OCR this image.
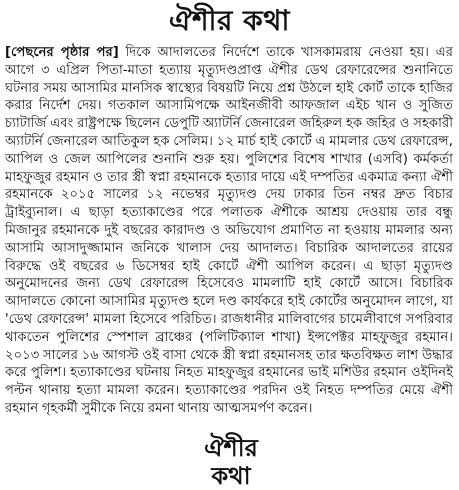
ঐশীর কথা
[পেছনের পৃষ্ঠার পর] দিকে আদালতের নির্দেশে তাকে খাসকামরায় নেওয়া হয়। এর আগে ৩ এপ্রিল পিতা-মাতা হত্যায় মৃত্যুদণ্ডপ্রাপ্ত ঐশীর ডেথ রেফারেন্সের শুনানিতে ঘটনার সময় আসামির মানসিক স্বাস্থ্যের বিষয়টি নিয়ে প্রশ্ন উঠলে হাই কোর্ট তাকে হাজির করার নির্দেশ দেয়। গতকাল আসামিপক্ষে আইনজীবী আফজাল এইচ খান ও সুজিত চ্যাটার্জি এবং রাষ্ট্রপক্ষে ছিলেন ডেপুটি অ্যাটর্নি জেনারেল জহিরুল হক জহির ও সহকারী অ্যাটর্নি জেনারেল আতিকুল হক সেলিম। ১২ মার্চ হাই কোর্টে এ মামলার ডেথ রেফারেন্স, আপিল ও জেল আপিলের শুনানি শুরু হয়। পুলিশের বিশেষ শাখার (এসবি) কর্মকর্তা মাহফুজুর রহমান ও তার স্ত্রী স্বপ্না রহমানকে হত্যার দায়ে এই দম্পতির একমাত্র কন্যা ঐশী রহমানকে ২০১৫ সালের ১২ নভেম্বর মৃত্যুদণ্ড দেয় ঢাকার তিন নম্বর দ্রুত বিচার ট্রাইব্যুনাল। এ ছাড়া হত্যাকাণ্ডের পরে পলাতক ঐশীকে আশ্রয় দেওয়ায় তার বন্ধু মিজানুর রহমানকে দুই বছরের কারাদণ্ড ও অভিযোগ প্রমাণিত না হওয়ায় মামলার অন্য আসামি আসাদুজ্জামান জনিকে খালাস দেয় আদালত। বিচারিক আদালতের রায়ের বিরুদ্ধে ওই বছরের ৬ ডিসেম্বর হাই কোর্টে ঐশী আপিল করেন। এ ছাড়া মৃত্যুদণ্ড অনুমোদনের জন্য ডেথ রেফারেন্স হিসেবেও মামলাটি হাই কোর্টে আসে। বিচারিক আদালতে কোনো আসামির মৃত্যুদণ্ড হলে দণ্ড কার্যকরে হাই কোর্টের অনুমোদন লাগে, যা 'ডেথ রেফারেন্স' মামলা হিসেবে পরিচিত। রাজধানীর মালিবাগের চামেলীবাগে সপরিবার থাকতেন পুলিশের স্পেশাল ব্রাঞ্চের (পলিটিক্যাল শাখা) ইন্সপেক্টর মাহফুজুর রহমান। ২০১৩ সালের ১৬ আগস্ট ওই বাসা থেকে স্ত্রী স্বপ্না রহমানসহ তার ক্ষতবিক্ষত লাশ উদ্ধার করে পুলিশ। হত্যাকাণ্ডের ঘটনায় নিহত মাহফুজুর রহমানের ভাই মশিউর রহমান ওইদিনই পল্টন থানায় হত্যা মামলা করেন। হত্যাকাণ্ডের পরদিন ওই নিহত দম্পতির মেয়ে ঐশী রহমান গৃহকর্মী সুমীকে নিয়ে রমনা থানায় আত্মসমর্পণ করেন।
ঐশীর কথা
